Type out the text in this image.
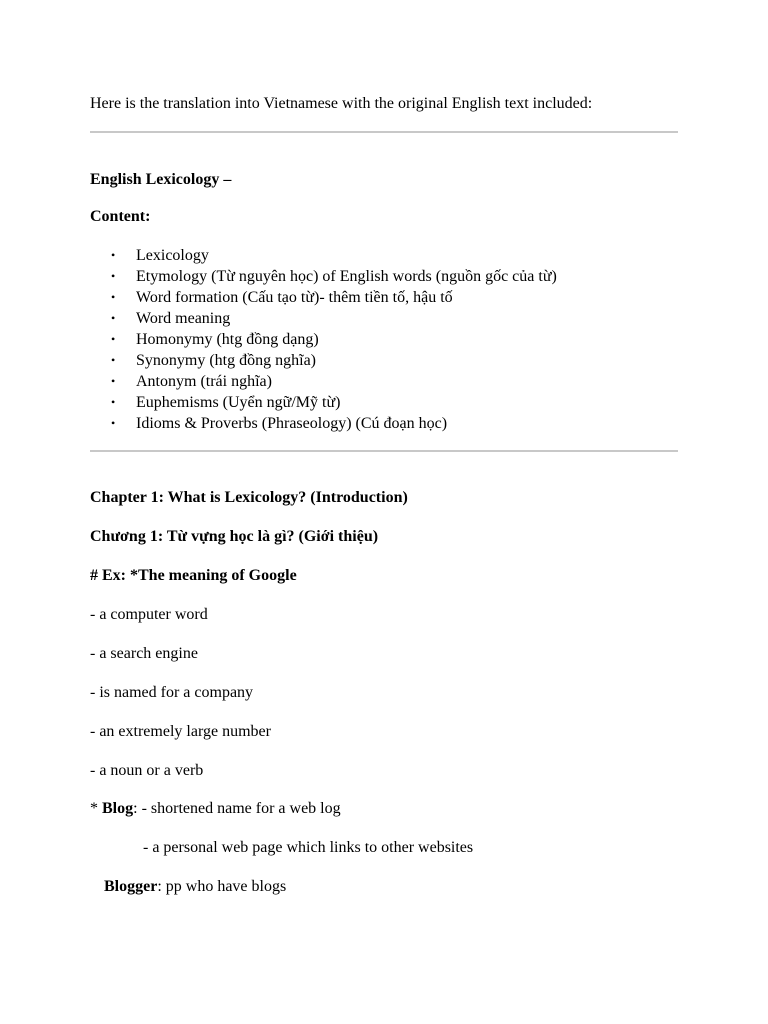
Here is the translation into Vietnamese with the original English text included:

English Lexicology –

Content:

• Lexicology
• Etymology (Từ nguyên học) of English words (nguồn gốc của từ)
• Word formation (Cấu tạo từ)- thêm tiền tố, hậu tố
• Word meaning
• Homonymy (htg đồng dạng)
• Synonymy (htg đồng nghĩa)
• Antonym (trái nghĩa)
• Euphemisms (Uyển ngữ/Mỹ từ)
• Idioms & Proverbs (Phraseology) (Cú đoạn học)

Chapter 1: What is Lexicology? (Introduction)

Chương 1: Từ vựng học là gì? (Giới thiệu)

# Ex: *The meaning of Google

- a computer word

- a search engine

- is named for a company

- an extremely large number

- a noun or a verb

* Blog: - shortened name for a web log

- a personal web page which links to other websites

Blogger: pp who have blogs
